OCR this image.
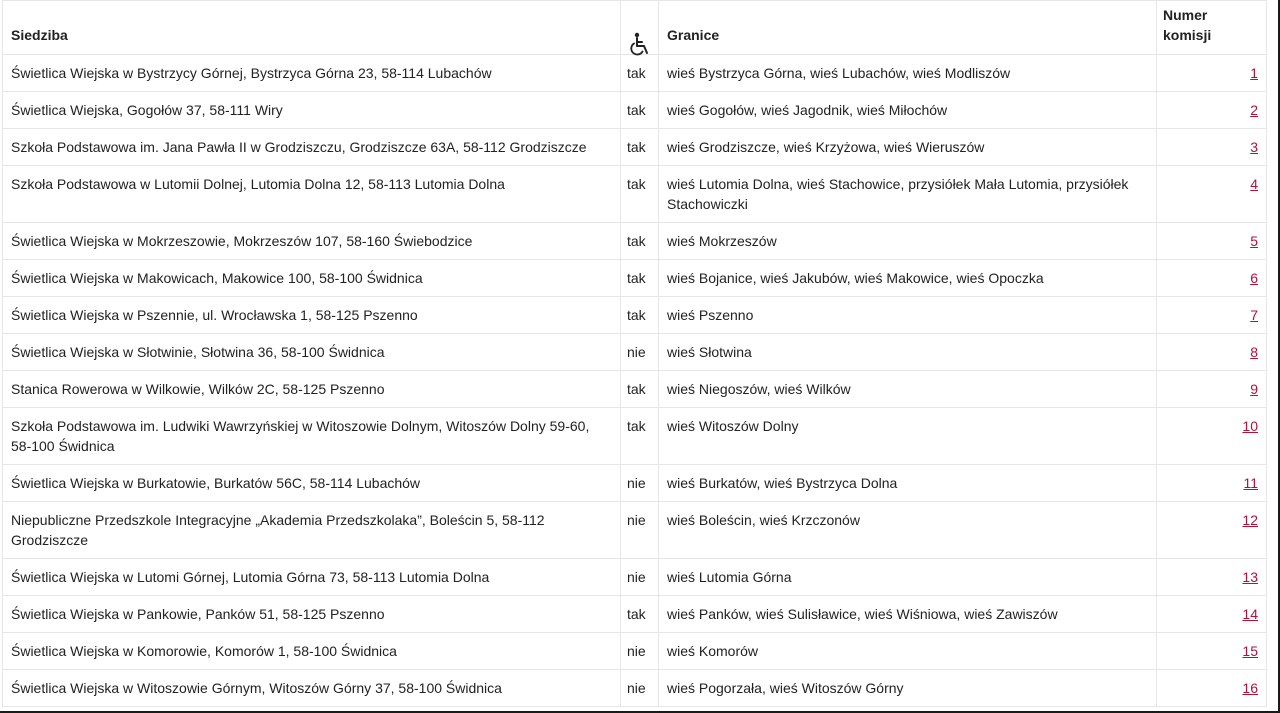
Siedziba		Granice	Numer komisji
Świetlica Wiejska w Bystrzycy Górnej, Bystrzyca Górna 23, 58-114 Lubachów	tak	wieś Bystrzyca Górna, wieś Lubachów, wieś Modliszów	1
Świetlica Wiejska, Gogołów 37, 58-111 Wiry	tak	wieś Gogołów, wieś Jagodnik, wieś Miłochów	2
Szkoła Podstawowa im. Jana Pawła II w Grodziszczu, Grodziszcze 63A, 58-112 Grodziszcze	tak	wieś Grodziszcze, wieś Krzyżowa, wieś Wieruszów	3
Szkoła Podstawowa w Lutomii Dolnej, Lutomia Dolna 12, 58-113 Lutomia Dolna	tak	wieś Lutomia Dolna, wieś Stachowice, przysiółek Mała Lutomia, przysiółek Stachowiczki	4
Świetlica Wiejska w Mokrzeszowie, Mokrzeszów 107, 58-160 Świebodzice	tak	wieś Mokrzeszów	5
Świetlica Wiejska w Makowicach, Makowice 100, 58-100 Świdnica	tak	wieś Bojanice, wieś Jakubów, wieś Makowice, wieś Opoczka	6
Świetlica Wiejska w Pszennie, ul. Wrocławska 1, 58-125 Pszenno	tak	wieś Pszenno	7
Świetlica Wiejska w Słotwinie, Słotwina 36, 58-100 Świdnica	nie	wieś Słotwina	8
Stanica Rowerowa w Wilkowie, Wilków 2C, 58-125 Pszenno	tak	wieś Niegoszów, wieś Wilków	9
Szkoła Podstawowa im. Ludwiki Wawrzyńskiej w Witoszowie Dolnym, Witoszów Dolny 59-60, 58-100 Świdnica	tak	wieś Witoszów Dolny	10
Świetlica Wiejska w Burkatowie, Burkatów 56C, 58-114 Lubachów	nie	wieś Burkatów, wieś Bystrzyca Dolna	11
Niepubliczne Przedszkole Integracyjne „Akademia Przedszkolaka”, Boleścin 5, 58-112 Grodziszcze	nie	wieś Boleścin, wieś Krzczonów	12
Świetlica Wiejska w Lutomi Górnej, Lutomia Górna 73, 58-113 Lutomia Dolna	nie	wieś Lutomia Górna	13
Świetlica Wiejska w Pankowie, Panków 51, 58-125 Pszenno	tak	wieś Panków, wieś Sulisławice, wieś Wiśniowa, wieś Zawiszów	14
Świetlica Wiejska w Komorowie, Komorów 1, 58-100 Świdnica	nie	wieś Komorów	15
Świetlica Wiejska w Witoszowie Górnym, Witoszów Górny 37, 58-100 Świdnica	nie	wieś Pogorzała, wieś Witoszów Górny	16
